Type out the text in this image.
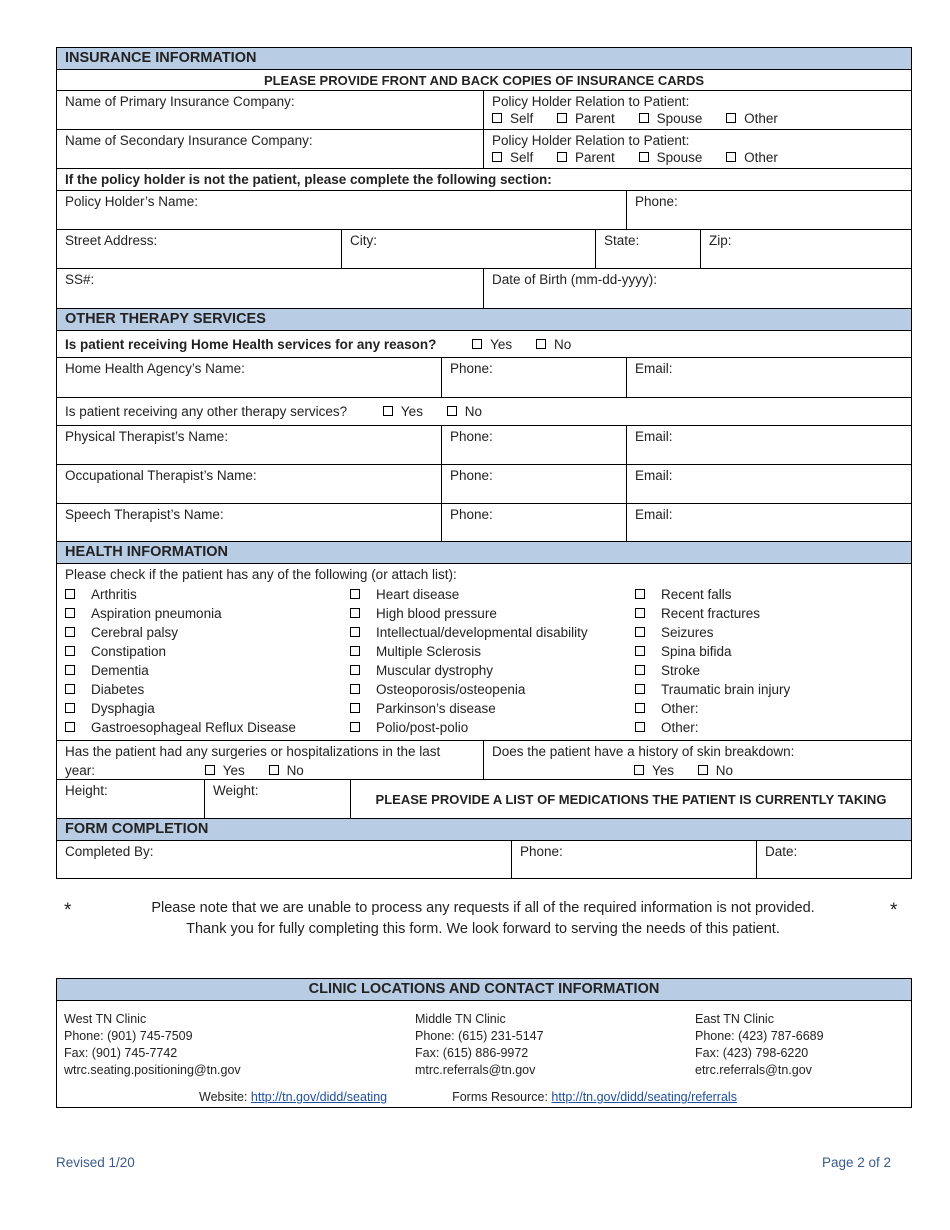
INSURANCE INFORMATION
PLEASE PROVIDE FRONT AND BACK COPIES OF INSURANCE CARDS
Name of Primary Insurance Company:	Policy Holder Relation to Patient:
Self	Parent	Spouse	Other
Name of Secondary Insurance Company:	Policy Holder Relation to Patient:
Self	Parent	Spouse	Other
If the policy holder is not the patient, please complete the following section:
Policy Holder’s Name:	Phone:
Street Address:	City:	State:	Zip:
SS#:	Date of Birth (mm-dd-yyyy):
OTHER THERAPY SERVICES
Is patient receiving Home Health services for any reason?	Yes	No
Home Health Agency’s Name:	Phone:	Email:
Is patient receiving any other therapy services?	Yes	No
Physical Therapist’s Name:	Phone:	Email:
Occupational Therapist’s Name:	Phone:	Email:
Speech Therapist’s Name:	Phone:	Email:
HEALTH INFORMATION
Please check if the patient has any of the following (or attach list):
Arthritis
Aspiration pneumonia
Cerebral palsy
Constipation
Dementia
Diabetes
Dysphagia
Gastroesophageal Reflux Disease
Heart disease
High blood pressure
Intellectual/developmental disability
Multiple Sclerosis
Muscular dystrophy
Osteoporosis/osteopenia
Parkinson’s disease
Polio/post-polio
Recent falls
Recent fractures
Seizures
Spina bifida
Stroke
Traumatic brain injury
Other:
Other:
Has the patient had any surgeries or hospitalizations in the last
year:	Yes	No
Does the patient have a history of skin breakdown:
Yes	No
Height:	Weight:
PLEASE PROVIDE A LIST OF MEDICATIONS THE PATIENT IS CURRENTLY TAKING
FORM COMPLETION
Completed By:	Phone:	Date:
*	*
Please note that we are unable to process any requests if all of the required information is not provided.
Thank you for fully completing this form. We look forward to serving the needs of this patient.
CLINIC LOCATIONS AND CONTACT INFORMATION
West TN Clinic
Phone: (901) 745-7509
Fax: (901) 745-7742
wtrc.seating.positioning@tn.gov
Middle TN Clinic
Phone: (615) 231-5147
Fax: (615) 886-9972
mtrc.referrals@tn.gov
East TN Clinic
Phone: (423) 787-6689
Fax: (423) 798-6220
etrc.referrals@tn.gov
Website: http://tn.gov/didd/seating	Forms Resource: http://tn.gov/didd/seating/referrals
Revised 1/20	Page 2 of 2
